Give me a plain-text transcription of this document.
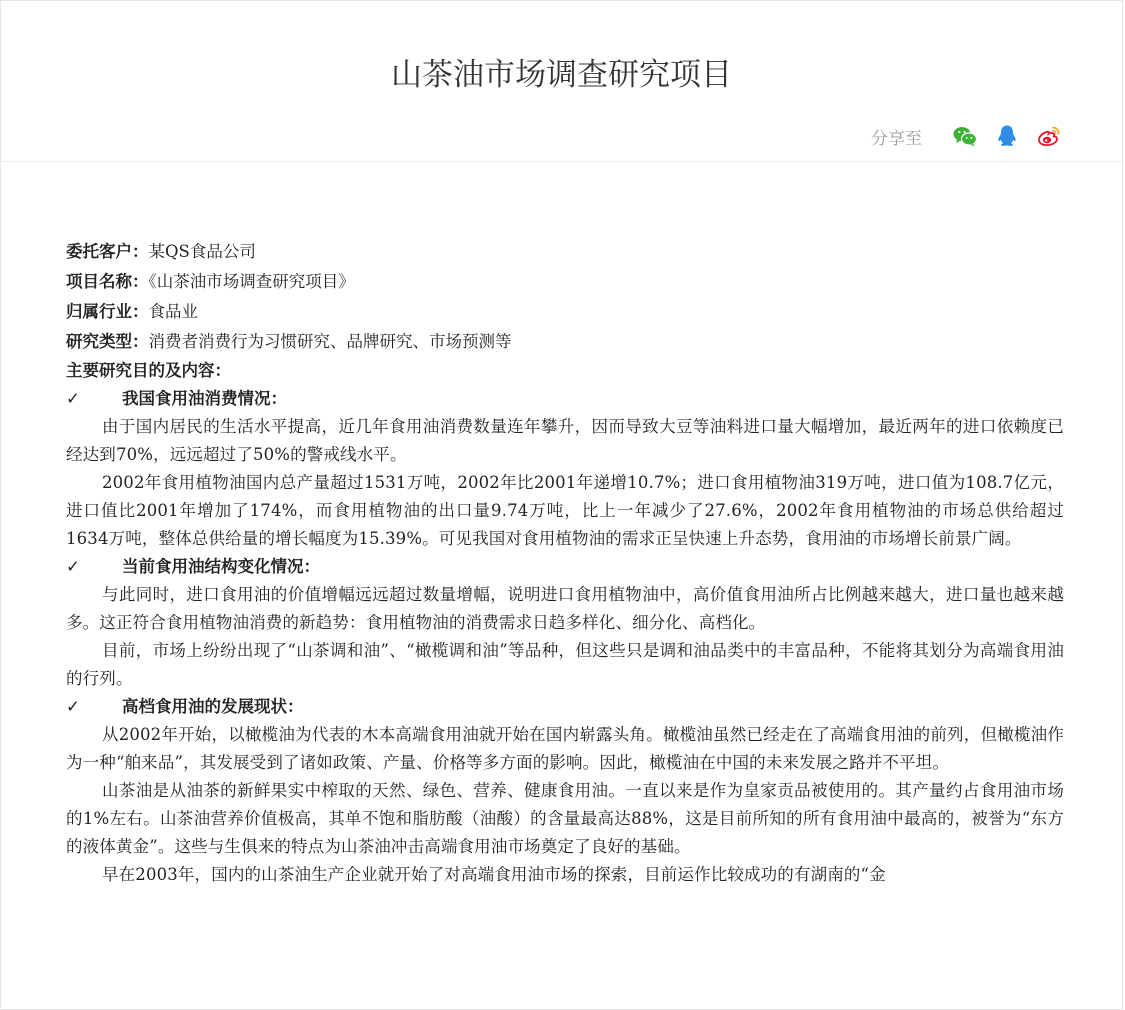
山茶油市场调查研究项目
分享至
委托客户：某QS食品公司
项目名称：《山茶油市场调查研究项目》
归属行业：食品业
研究类型：消费者消费行为习惯研究、品牌研究、市场预测等
主要研究目的及内容：
✓	我国食用油消费情况：

由于国内居民的生活水平提高，近几年食用油消费数量连年攀升，因而导致大豆等油料进口量大幅增加，最近两年的进口依赖度已经达到70%，远远超过了50%的警戒线水平。

2002年食用植物油国内总产量超过1531万吨，2002年比2001年递增10.7%；进口食用植物油319万吨，进口值为108.7亿元，进口值比2001年增加了174%，而食用植物油的出口量9.74万吨，比上一年减少了27.6%，2002年食用植物油的市场总供给超过1634万吨，整体总供给量的增长幅度为15.39%。可见我国对食用植物油的需求正呈快速上升态势，食用油的市场增长前景广阔。

✓	当前食用油结构变化情况：

与此同时，进口食用油的价值增幅远远超过数量增幅，说明进口食用植物油中，高价值食用油所占比例越来越大，进口量也越来越多。这正符合食用植物油消费的新趋势：食用植物油的消费需求日趋多样化、细分化、高档化。

目前，市场上纷纷出现了“山茶调和油”、“橄榄调和油”等品种，但这些只是调和油品类中的丰富品种，不能将其划分为高端食用油的行列。

✓	高档食用油的发展现状：

从2002年开始，以橄榄油为代表的木本高端食用油就开始在国内崭露头角。橄榄油虽然已经走在了高端食用油的前列，但橄榄油作为一种“舶来品”，其发展受到了诸如政策、产量、价格等多方面的影响。因此，橄榄油在中国的未来发展之路并不平坦。

山茶油是从油茶的新鲜果实中榨取的天然、绿色、营养、健康食用油。一直以来是作为皇家贡品被使用的。其产量约占食用油市场的1%左右。山茶油营养价值极高，其单不饱和脂肪酸（油酸）的含量最高达88%，这是目前所知的所有食用油中最高的，被誉为“东方的液体黄金”。这些与生俱来的特点为山茶油冲击高端食用油市场奠定了良好的基础。

早在2003年，国内的山茶油生产企业就开始了对高端食用油市场的探索，目前运作比较成功的有湖南的“金
